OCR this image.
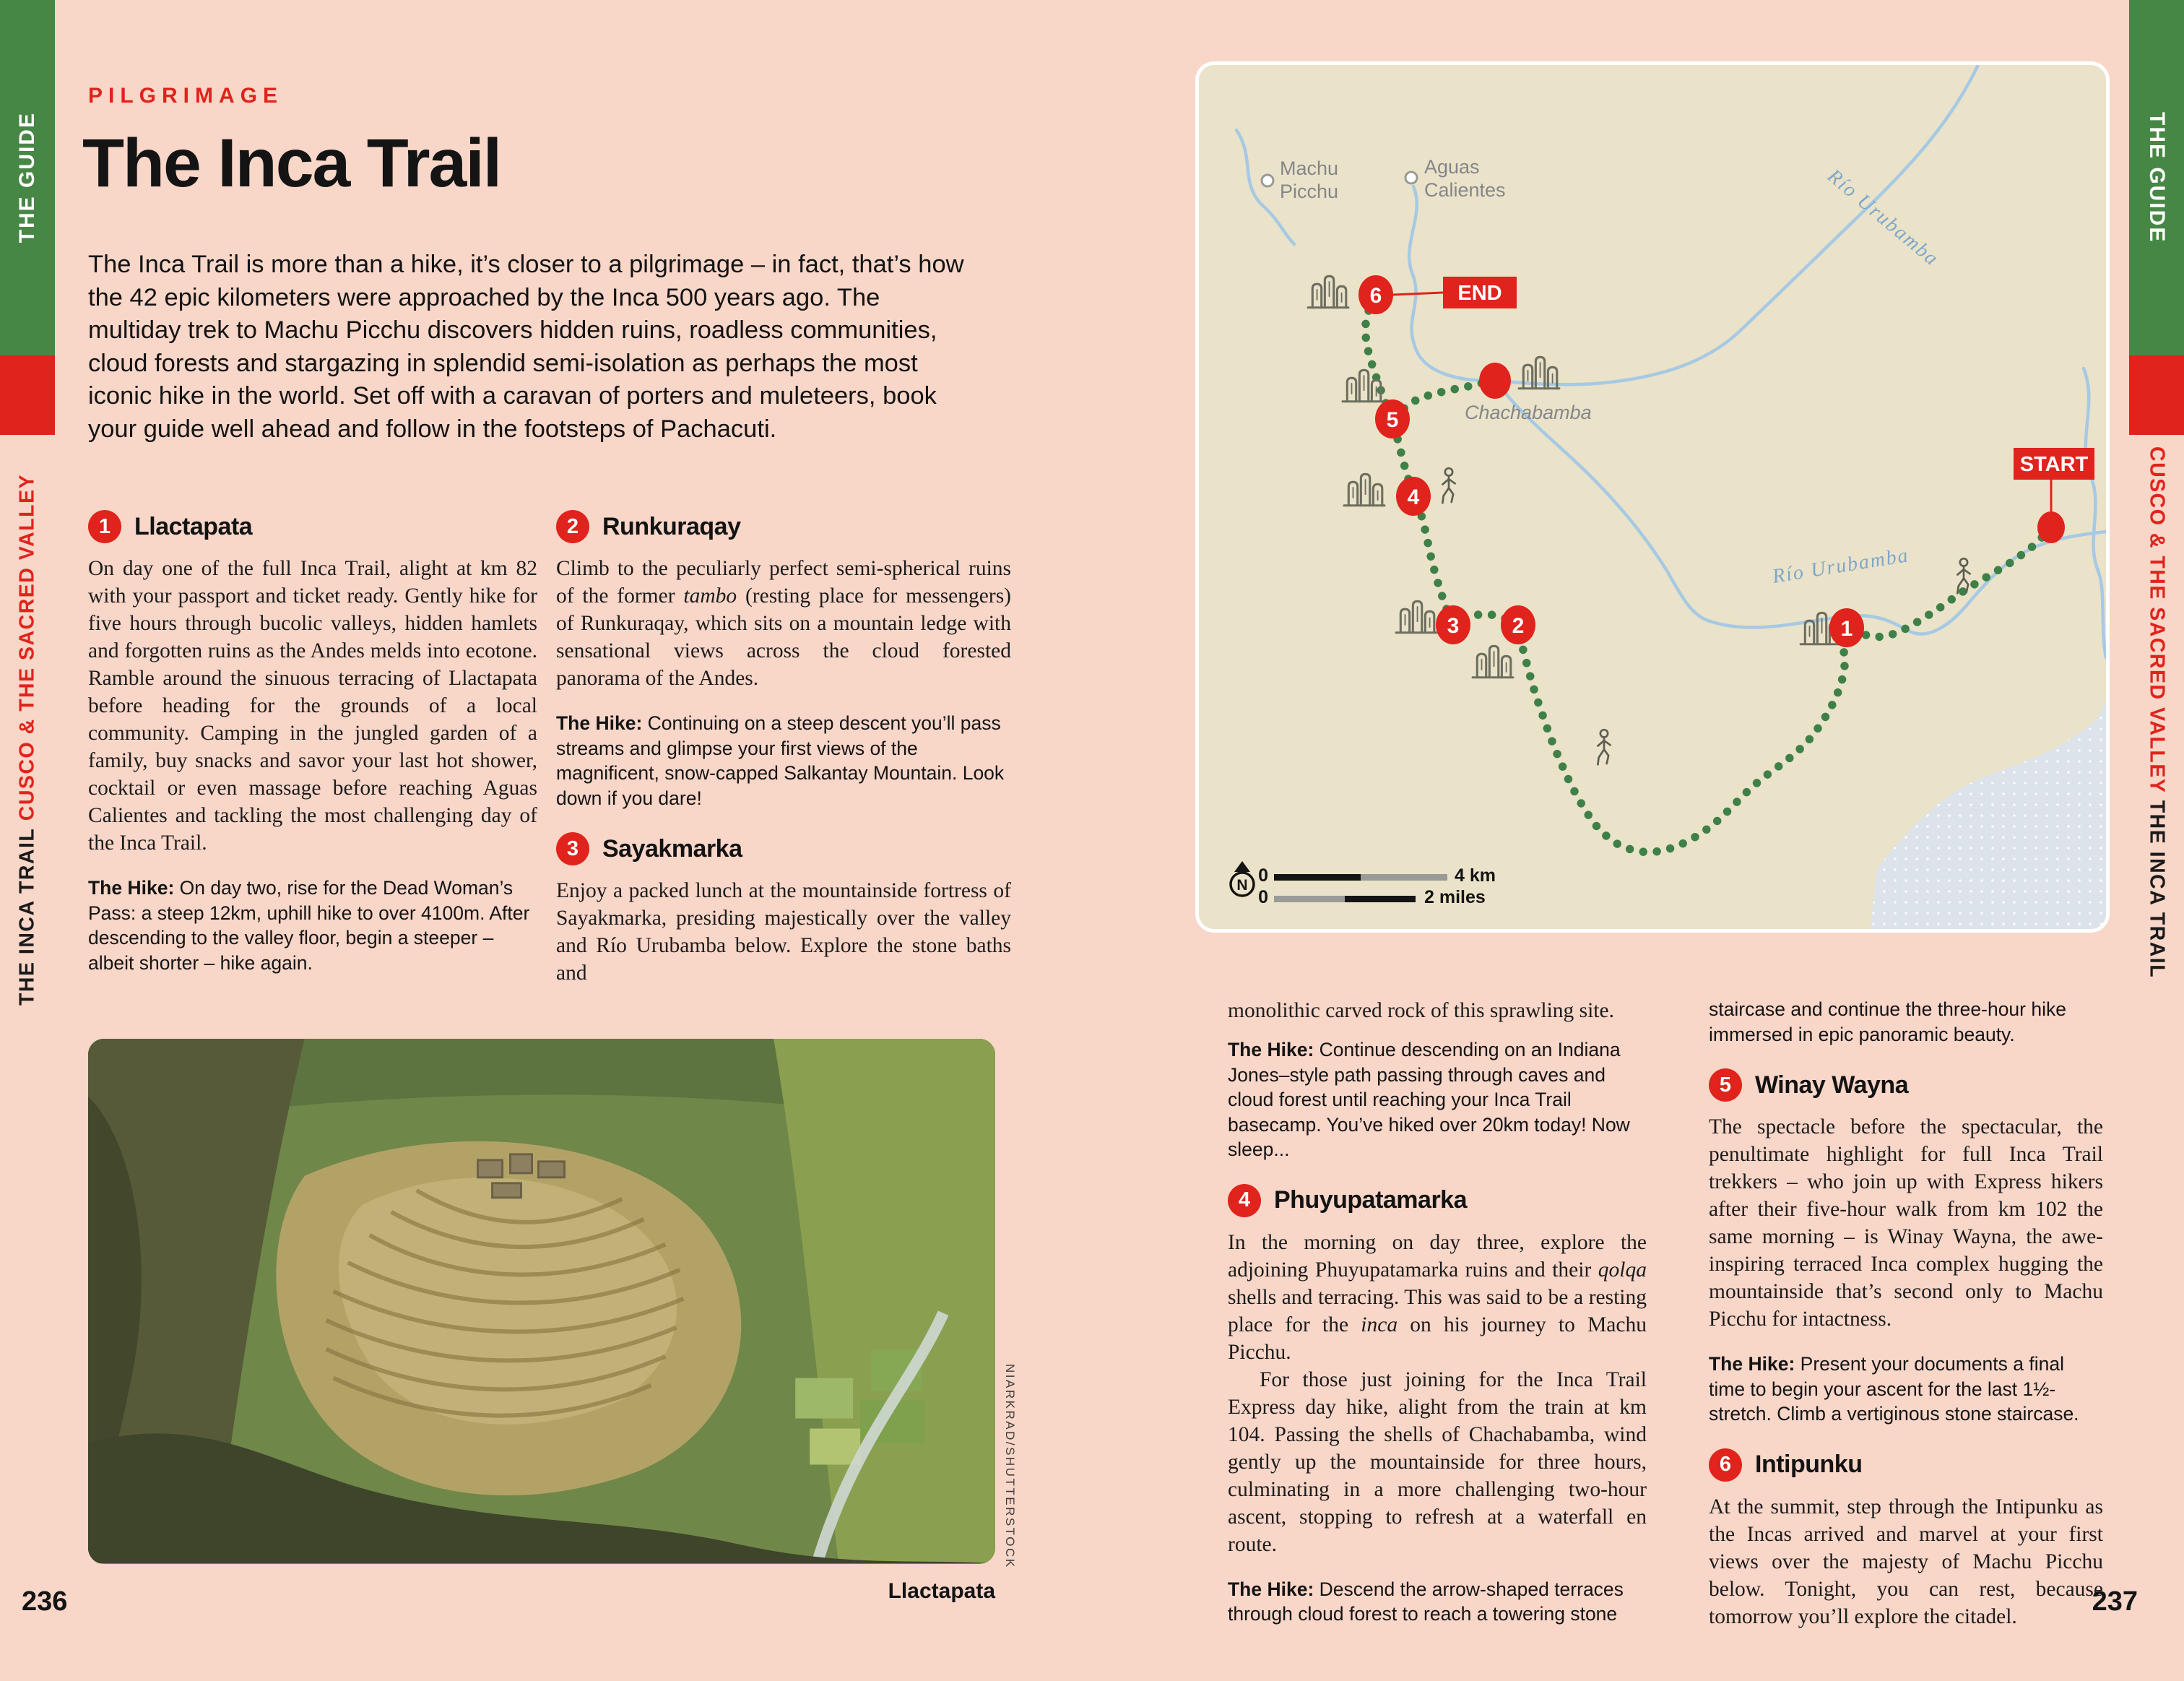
THE GUIDE
THE INCA TRAIL CUSCO & THE SACRED VALLEY
THE GUIDE
CUSCO & THE SACRED VALLEY THE INCA TRAIL
PILGRIMAGE
The Inca Trail
The Inca Trail is more than a hike, it’s closer to a pilgrimage – in fact, that’s how the 42 epic kilometers were approached by the Inca 500 years ago. The multiday trek to Machu Picchu discovers hidden ruins, roadless communities, cloud forests and stargazing in splendid semi-isolation as perhaps the most iconic hike in the world. Set off with a caravan of porters and muleteers, book your guide well ahead and follow in the footsteps of Pachacuti.
1 Llactapata

On day one of the full Inca Trail, alight at km 82 with your passport and ticket ready. Gently hike for five hours through bucolic valleys, hidden hamlets and forgotten ruins as the Andes melds into ecotone. Ramble around the sinuous terracing of Llactapata before heading for the grounds of a local community. Camping in the jungled garden of a family, buy snacks and savor your last hot shower, cocktail or even massage before reaching Aguas Calientes and tackling the most challenging day of the Inca Trail.

The Hike: On day two, rise for the Dead Woman’s Pass: a steep 12km, uphill hike to over 4100m. After descending to the valley floor, begin a steeper – albeit shorter – hike again.

2 Runkuraqay

Climb to the peculiarly perfect semi-spherical ruins of the former tambo (resting place for messengers) of Runkuraqay, which sits on a mountain ledge with sensational views across the cloud forested panorama of the Andes.

The Hike: Continuing on a steep descent you’ll pass streams and glimpse your first views of the magnificent, snow-capped Salkantay Mountain. Look down if you dare!

3 Sayakmarka

Enjoy a packed lunch at the mountainside fortress of Sayakmarka, presiding majestically over the valley and Río Urubamba below. Explore the stone baths and

Llactapata
NIARKRAD/SHUTTERSTOCK
236
Machu
Picchu
Aguas
Calientes
Chachabamba
Río Urubamba
Río Urubamba
END
START
1
2
3
4
5
6
N 0	4 km
0	2 miles

monolithic carved rock of this sprawling site.

The Hike: Continue descending on an Indiana Jones–style path passing through caves and cloud forest until reaching your Inca Trail basecamp. You’ve hiked over 20km today! Now sleep...

4 Phuyupatamarka

In the morning on day three, explore the adjoining Phuyupatamarka ruins and their qolqa shells and terracing. This was said to be a resting place for the inca on his journey to Machu Picchu.

For those just joining for the Inca Trail Express day hike, alight from the train at km 104. Passing the shells of Chachabamba, wind gently up the mountainside for three hours, culminating in a more challenging two-hour ascent, stopping to refresh at a waterfall en route.

The Hike: Descend the arrow-shaped terraces through cloud forest to reach a towering stone

staircase and continue the three-hour hike immersed in epic panoramic beauty.

5 Winay Wayna

The spectacle before the spectacular, the penultimate highlight for full Inca Trail trekkers – who join up with Express hikers after their five-hour walk from km 102 the same morning – is Winay Wayna, the awe-inspiring terraced Inca complex hugging the mountainside that’s second only to Machu Picchu for intactness.

The Hike: Present your documents a final time to begin your ascent for the last 1½-stretch. Climb a vertiginous stone staircase.

6 Intipunku

At the summit, step through the Intipunku as the Incas arrived and marvel at your first views over the majesty of Machu Picchu below. Tonight, you can rest, because tomorrow you’ll explore the citadel.	237
